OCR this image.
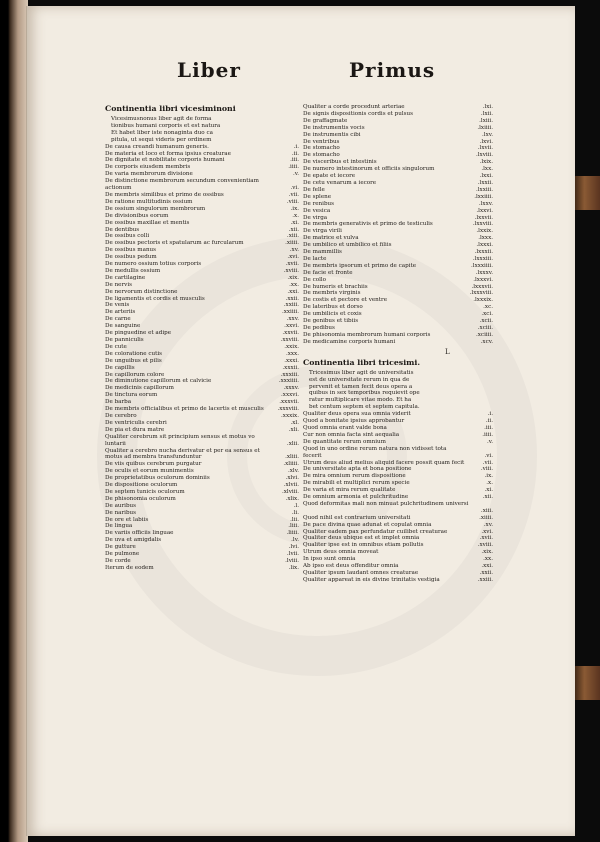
Liber	Primus
Continentia libri vicesiminoni
Vicesimusnonus liber agit de forma
tionibus humani corporis et est natura
Et habet liber iste nonaginta duo ca
pitula, ut sequi videris per ordinem
De causa creandi humanum generis.	.i.
De materia et loco et forma ipsius creaturae	.ii.
De dignitate et nobilitate corporis humani	.iii.
De corporis eiusdem membris	.iiii.
De varia membrorum divisione	.v.
De distinctione membrorum secundum convenientiam
actionum	.vi.
De membris similibus et primo de ossibus	.vii.
De ratione multitudinis ossium	.viii.
De ossium singulorum membrorum	.ix.
De divisionibus eorum	.x.
De ossibus maxillae et mentis	.xi.
De dentibus	.xii.
De ossibus colli	.xiii.
De ossibus pectoris et spatularum ac furcularum	.xiiii.
De ossibus manus	.xv.
De ossibus pedum	.xvi.
De numero ossium totius corporis	.xvii.
De medullis ossium	.xviii.
De cartilagine	.xix.
De nervis	.xx.
De nervorum distinctione	.xxi.
De ligamentis et cordis et musculis	.xxii.
De venis	.xxiii.
De arteriis	.xxiiii.
De carne	.xxv.
De sanguine	.xxvi.
De pinguedine et adipe	.xxvii.
De panniculis	.xxviii.
De cute	.xxix.
De coloratione cutis	.xxx.
De unguibus et pilis	.xxxi.
De capillis	.xxxii.
De capillorum colore	.xxxiii.
De diminutione capillorum et calvicie	.xxxiiii.
De medicinis capillorum	.xxxv.
De tinctura eorum	.xxxvi.
De barba	.xxxvii.
De membris officialibus et primo de lacertis et musculis	.xxxviii.
De cerebro	.xxxix.
De ventriculis cerebri	.xl.
De pia et dura matre	.xli.
Qualiter cerebrum sit principium sensus et motus vo
luntarii	.xlii.
Qualiter a cerebro nucha derivatur et per ea sensus et
motus ad membra transfunduntur	.xliii.
De viis quibus cerebrum purgatur	.xliiii.
De oculis et eorum munimentis	.xlv.
De proprietatibus oculorum dominiis	.xlvi.
De dispositione oculorum	.xlvii.
De septem tunicis oculorum	.xlviii.
De phisonomia oculorum	.xlix.
De auribus	.l.
De naribus	.li.
De ore et labiis	.lii.
De lingua	.liii.
De variis officiis linguae	.liiii.
De uva et amigdalis	.lv.
De gutture	.lvi.
De pulmone	.lvii.
De corde	.lviii.
Iterum de eodem	.lix.
Qualiter a corde procedunt arteriae	.lxi.
De signis dispositionis cordis et pulsus	.lxii.
De graffagmate	.lxiii.
De instrumentis vocis	.lxiiii.
De instrumentis cibi	.lxv.
De ventribus	.lxvi.
De stomacho	.lxvii.
De stomacho	.lxviii.
De visceribus et intestinis	.lxix.
De numero intestinorum et officiis singulorum	.lxx.
De epate et iecore	.lxxi.
De cetu venarum a iecore	.lxxii.
De felle	.lxxiii.
De splene	.lxxiiii.
De renibus	.lxxv.
De vesica	.lxxvi.
De virga	.lxxvii.
De membris generativis et primo de testiculis	.lxxviii.
De virga virili	.lxxix.
De matrice et vulva	.lxxx.
De umbilico et umbilico et filiis	.lxxxi.
De mammillis	.lxxxii.
De lacte	.lxxxiii.
De membris ipsorum et primo de capite	.lxxxiiii.
De facie et fronte	.lxxxv.
De collo	.lxxxvi.
De humeris et brachiis	.lxxxvii.
De membris virginis	.lxxxviii.
De costis et pectore et ventre	.lxxxix.
De lateribus et dorso	.xc.
De umbilicis et coxis	.xci.
De genibus et tibiis	.xcii.
De pedibus	.xciii.
De phisonomia membrorum humani corporis	.xciiii.
De medicamine corporis humani	.xcv.
L
Continentia libri tricesimi.
Tricesimus liber agit de universitatis
est de universitate rerum in qua de
pervenit et tamen fecit deus opera a
quibus in sex temporibus requievit ope
ratur multiplicare vitae modo. Et ha
bet centum septem et septem capitula.
Qualiter deus opera sua omnia viderit	.i.
Quod a bonitate ipsius approbantur	.ii.
Quod omnia erant valde bona	.iii.
Cur non omnia facta sint aequalia	.iiii.
De quantitate rerum omnium	.v.
Quod in uno ordine rerum natura non vidisset tota
fecerit	.vi.
Utrum deus aliud melius aliquid facere possit quam fecit	.vii.
De universitate apta et bona positione	.viii.
De mira omnium rerum dispositione	.ix.
De mirabili et multiplici rerum specie	.x.
De varia et mira rerum qualitate	.xi.
De omnium armonia et pulchritudine	.xii.
Quod deformitas mali non minuat pulchritudinem universi
.xiii.
Quod nihil est contrarium universitati	.xiiii.
De pace divina quae adunat et copulat omnia	.xv.
Qualiter eadem pax perfundatur cuilibet creaturae	.xvi.
Qualiter deus ubique est et implet omnia	.xvii.
Qualiter ipse est in omnibus etiam pollutis	.xviii.
Utrum deus omnia moveat	.xix.
In ipso sunt omnia	.xx.
Ab ipso est deus offenditur omnia	.xxi.
Qualiter ipsum laudant omnes creaturae	.xxii.
Qualiter appareat in eis divine trinitatis vestigia	.xxiii.
